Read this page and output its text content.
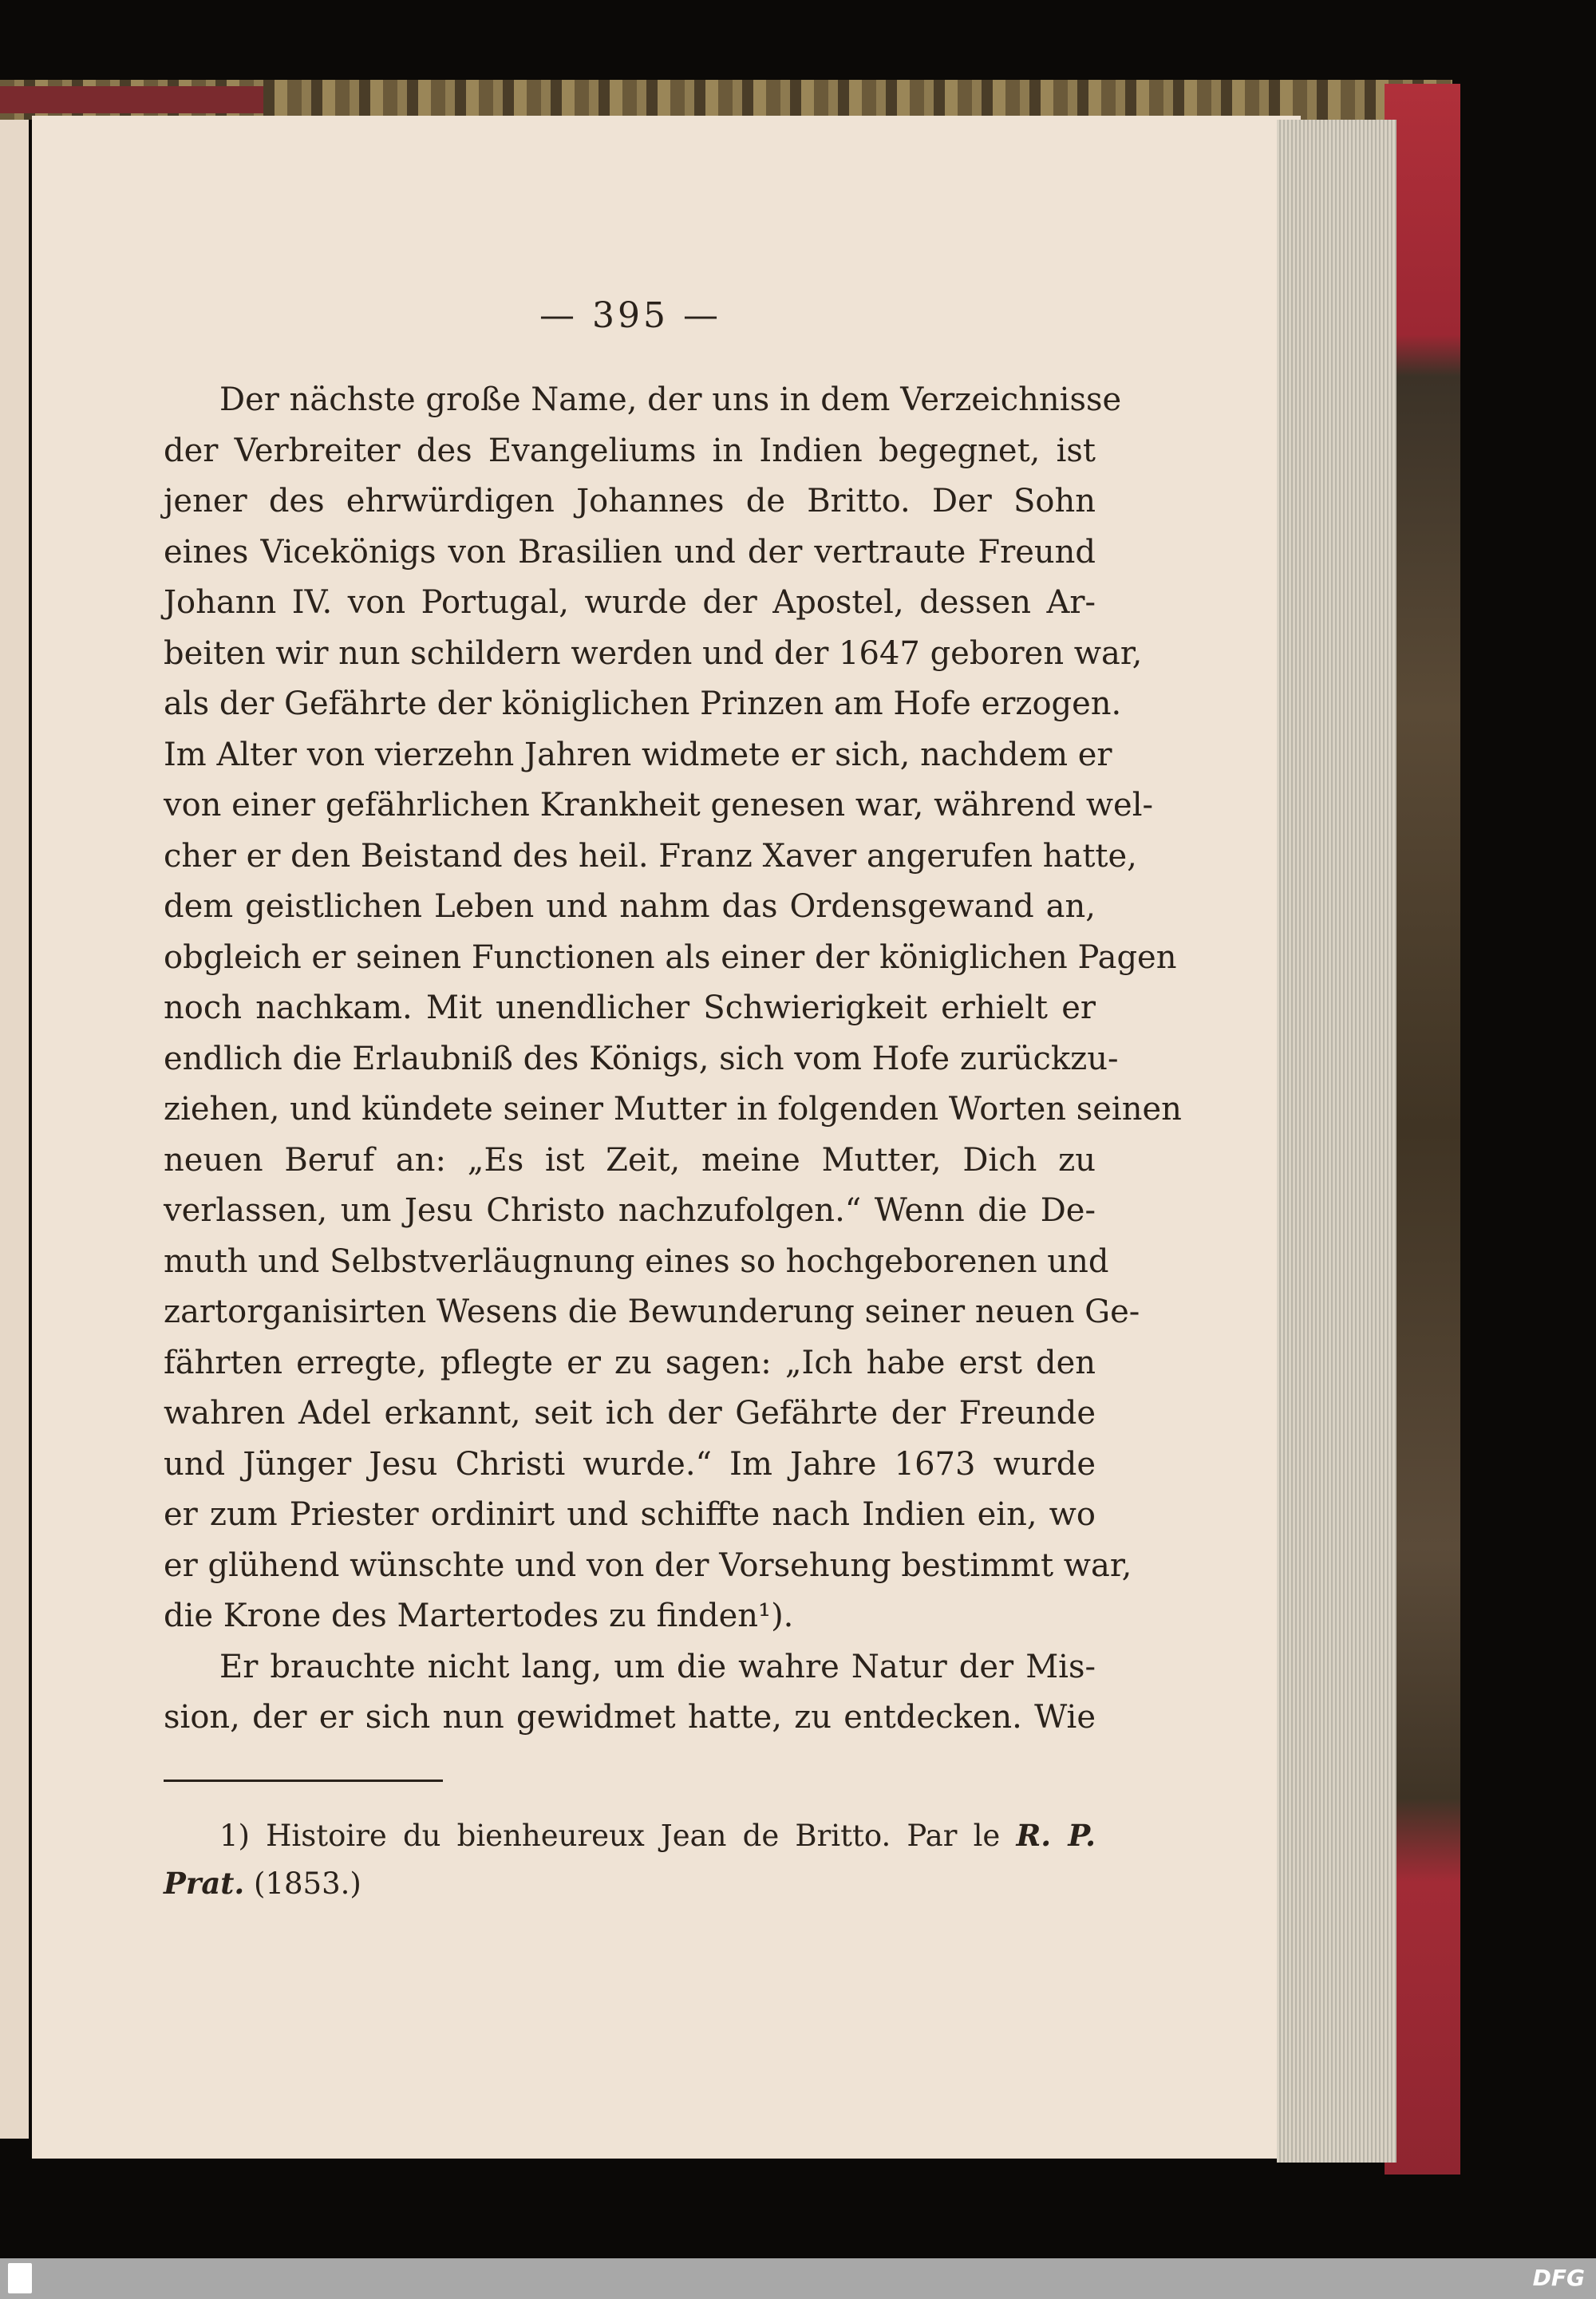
— 395 —
Der nächste große Name, der uns in dem Verzeichnisse
der Verbreiter des Evangeliums in Indien begegnet, ist
jener des ehrwürdigen Johannes de Britto. Der Sohn
eines Vicekönigs von Brasilien und der vertraute Freund
Johann IV. von Portugal, wurde der Apostel, dessen Ar-
beiten wir nun schildern werden und der 1647 geboren war,
als der Gefährte der königlichen Prinzen am Hofe erzogen.
Im Alter von vierzehn Jahren widmete er sich, nachdem er
von einer gefährlichen Krankheit genesen war, während wel-
cher er den Beistand des heil. Franz Xaver angerufen hatte,
dem geistlichen Leben und nahm das Ordensgewand an,
obgleich er seinen Functionen als einer der königlichen Pagen
noch nachkam. Mit unendlicher Schwierigkeit erhielt er
endlich die Erlaubniß des Königs, sich vom Hofe zurückzu-
ziehen, und kündete seiner Mutter in folgenden Worten seinen
neuen Beruf an: „Es ist Zeit, meine Mutter, Dich zu
verlassen, um Jesu Christo nachzufolgen.“ Wenn die De-
muth und Selbstverläugnung eines so hochgeborenen und
zartorganisirten Wesens die Bewunderung seiner neuen Ge-
fährten erregte, pflegte er zu sagen: „Ich habe erst den
wahren Adel erkannt, seit ich der Gefährte der Freunde
und Jünger Jesu Christi wurde.“ Im Jahre 1673 wurde
er zum Priester ordinirt und schiffte nach Indien ein, wo
er glühend wünschte und von der Vorsehung bestimmt war,
die Krone des Martertodes zu finden¹).
Er brauchte nicht lang, um die wahre Natur der Mis-
sion, der er sich nun gewidmet hatte, zu entdecken. Wie
1) Histoire du bienheureux Jean de Britto. Par le R. P.
Prat. (1853.)
DFG
